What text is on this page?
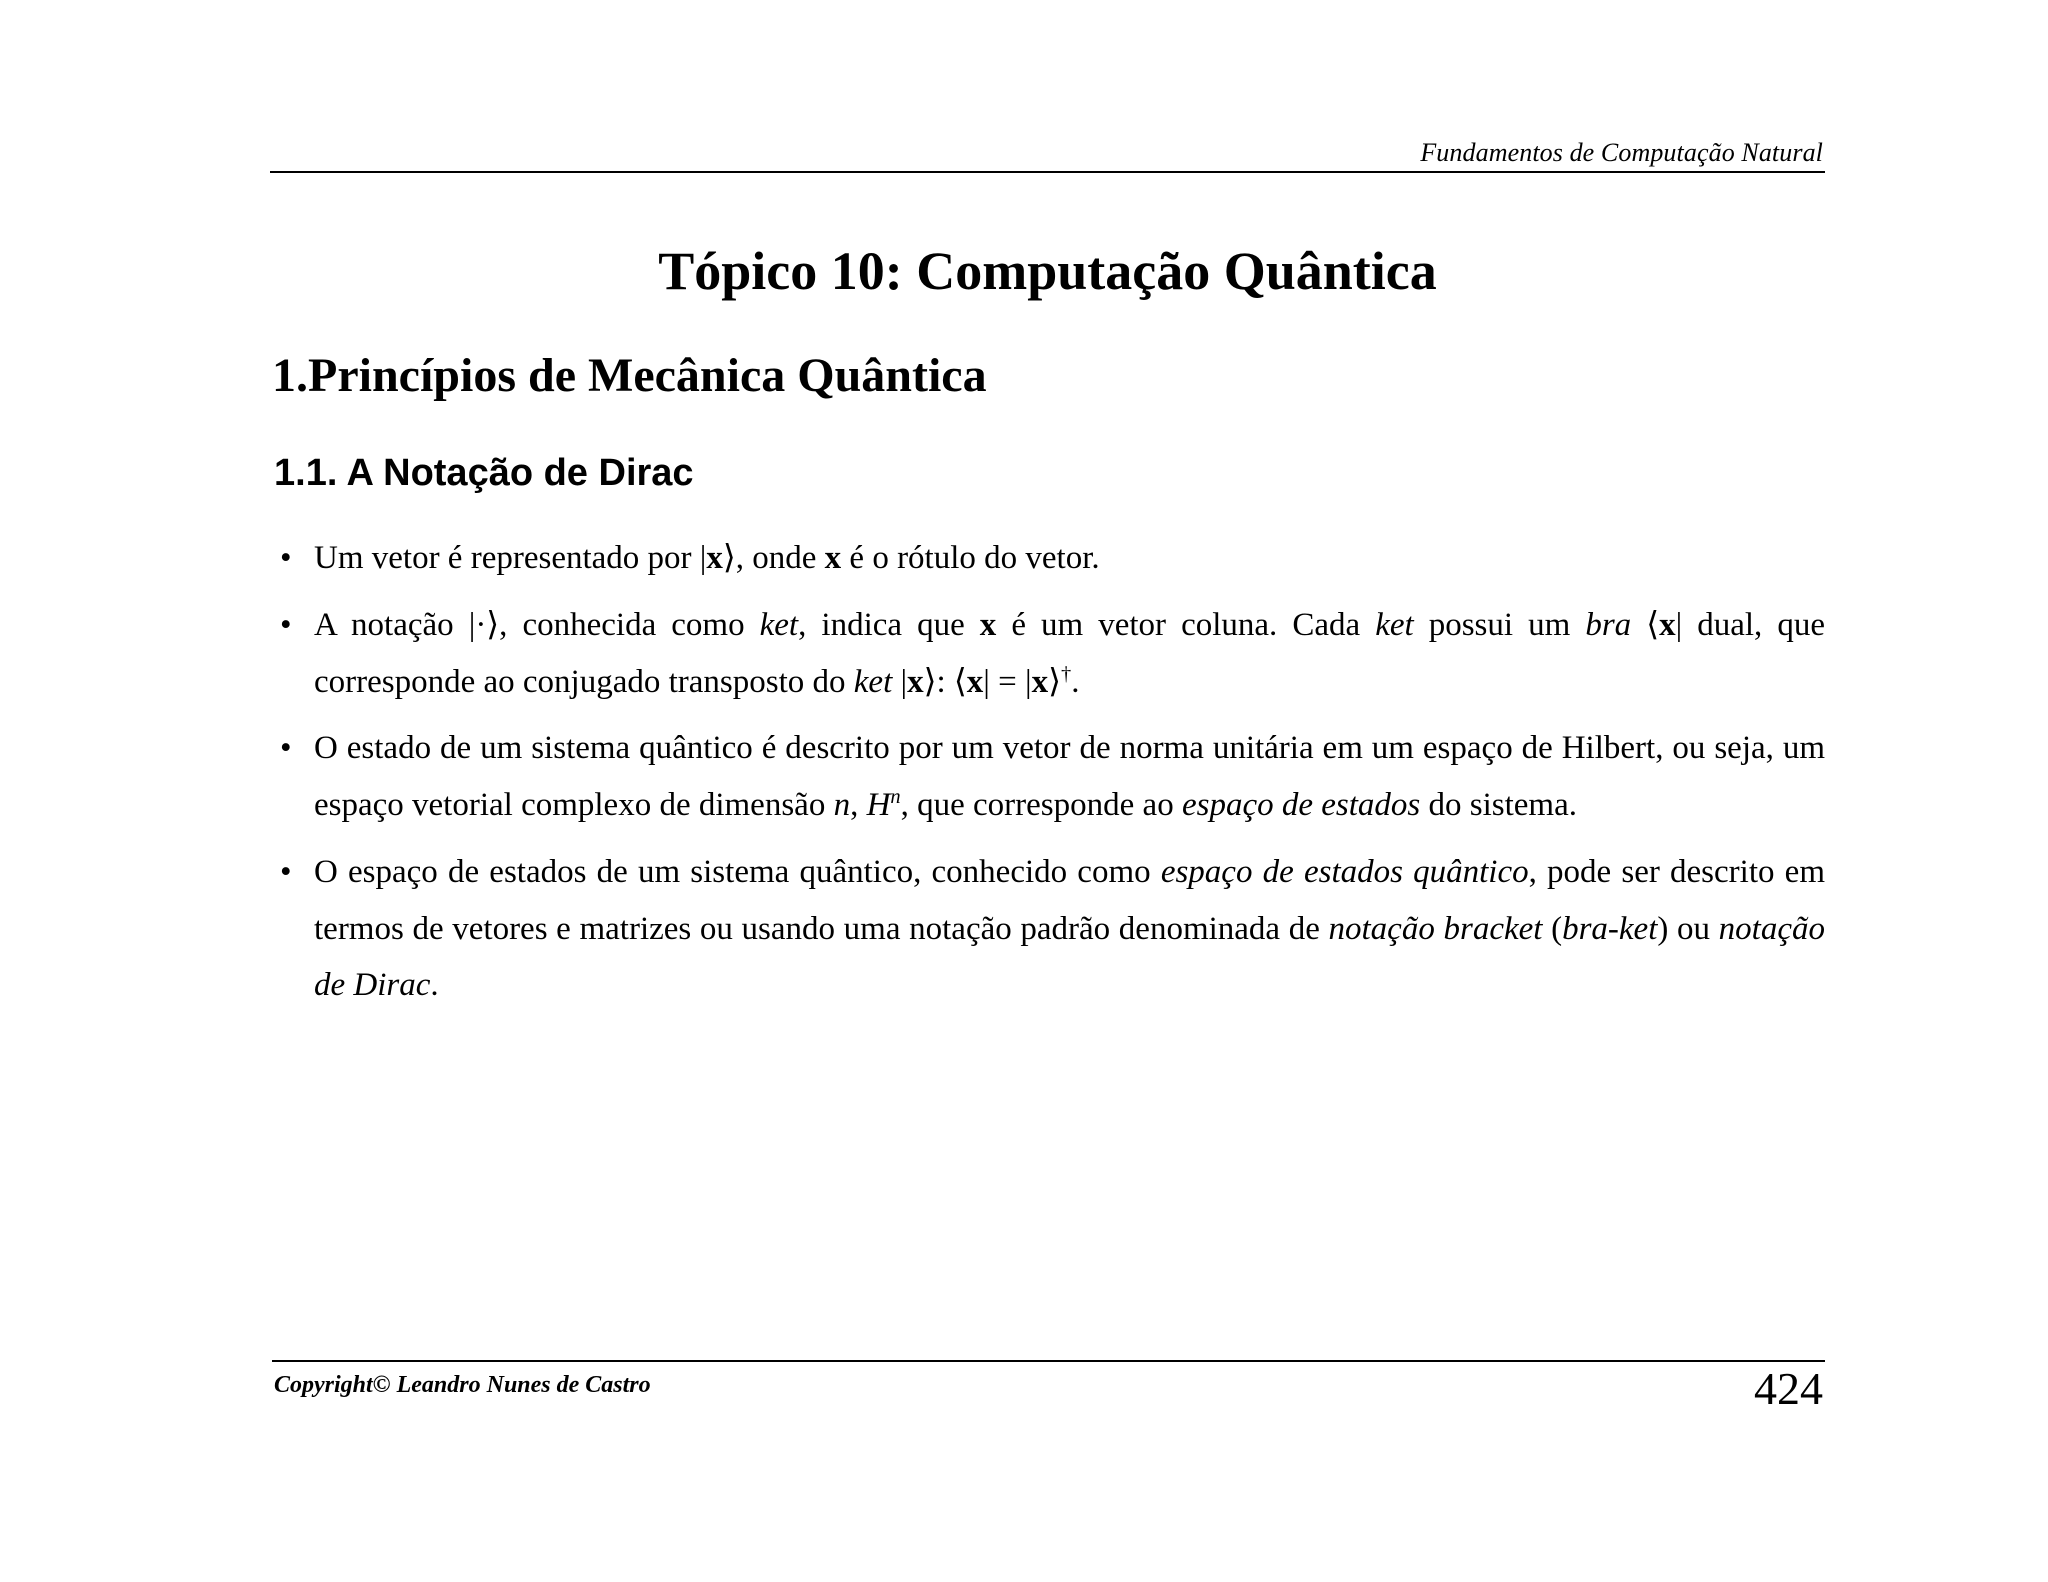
Fundamentos de Computação Natural
Tópico 10: Computação Quântica
1.Princípios de Mecânica Quântica
1.1. A Notação de Dirac
• Um vetor é representado por |x⟩, onde x é o rótulo do vetor.
• A notação |·⟩, conhecida como ket, indica que x é um vetor coluna. Cada ket possui um bra ⟨x| dual, que corresponde ao conjugado transposto do ket |x⟩: ⟨x| = |x⟩†.
• O estado de um sistema quântico é descrito por um vetor de norma unitária em um espaço de Hilbert, ou seja, um espaço vetorial complexo de dimensão n, $H^n$, que corresponde ao espaço de estados do sistema.
• O espaço de estados de um sistema quântico, conhecido como espaço de estados quântico, pode ser descrito em termos de vetores e matrizes ou usando uma notação padrão denominada de notação bracket (bra-ket) ou notação de Dirac.
Copyright© Leandro Nunes de Castro	424
